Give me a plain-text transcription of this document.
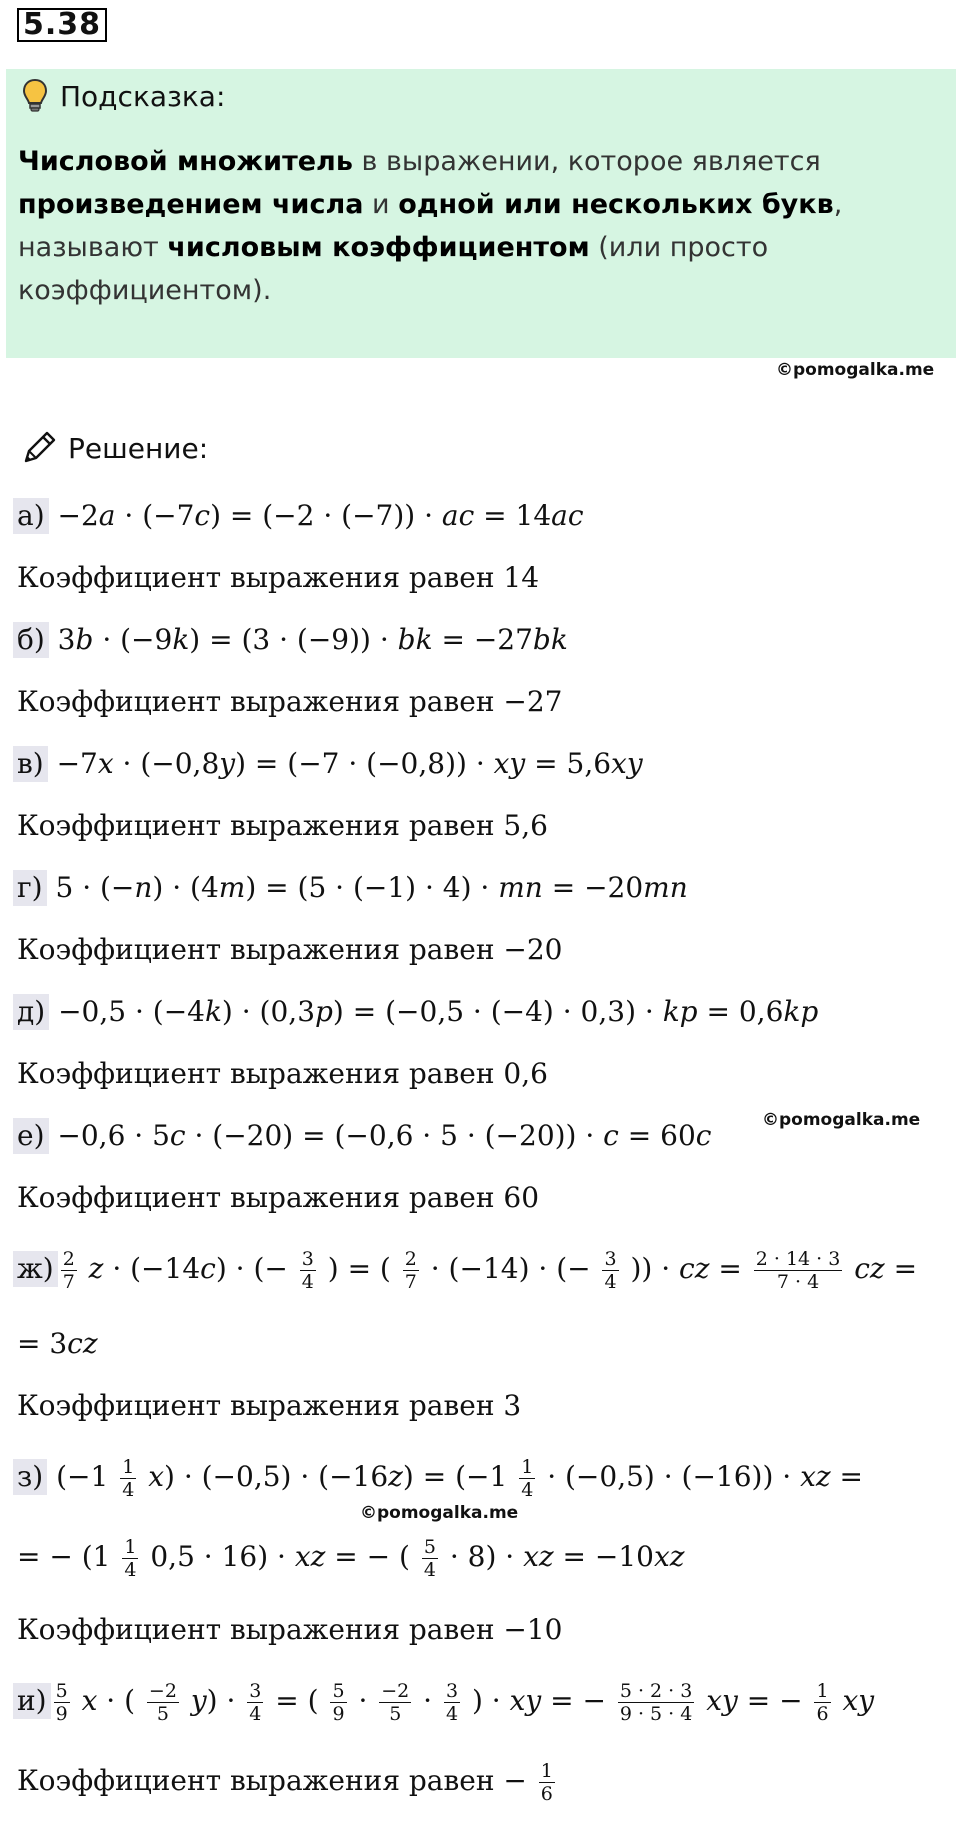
5.38
Подсказка:
Числовой множитель в выражении, которое является произведением числа и одной или нескольких букв, называют числовым коэффициентом (или просто коэффициентом).
©pomogalka.me
Решение:
а) −2𝑎 · (−7𝑐) = (−2 · (−7)) · 𝑎𝑐 = 14𝑎𝑐
Коэффициент выражения равен 14
б) 3𝑏 · (−9𝑘) = (3 · (−9)) · 𝑏𝑘 = −27𝑏𝑘
Коэффициент выражения равен −27
в) −7𝑥 · (−0,8𝑦) = (−7 · (−0,8)) · 𝑥𝑦 = 5,6𝑥𝑦
Коэффициент выражения равен 5,6
г) 5 · (−𝑛) · (4𝑚) = (5 · (−1) · 4) · 𝑚𝑛 = −20𝑚𝑛
Коэффициент выражения равен −20
д) −0,5 · (−4𝑘) · (0,3𝑝) = (−0,5 · (−4) · 0,3) · 𝑘𝑝 = 0,6𝑘𝑝
Коэффициент выражения равен 0,6
е) −0,6 · 5𝑐 · (−20) = (−0,6 · 5 · (−20)) · 𝑐 = 60𝑐	©pomogalka.me
Коэффициент выражения равен 60
$ж) \frac{2}{7}$ 𝑧 · (−14𝑐) · (− $\frac{3}{4}$ ) = ( $\frac{2}{7} \cdot (-14)$ · (− $\frac{3}{4}$ )) · 𝑐𝑧 = $\frac{2 \cdot 14 \cdot 3}{7 \cdot 4}$ 𝑐𝑧 =
= 3𝑐𝑧
Коэффициент выражения равен 3
з) ($-1 \frac{1}{4}$ 𝑥) · (−0,5) · (−16𝑧) = $(-1 \frac{1}{4} \cdot (-0,5) \cdot (-16))$ · 𝑥𝑧 =
©pomogalka.me
= − $(1 \frac{1}{4} 0,5 \cdot 16)$ · 𝑥𝑧 = − ( $\frac{5}{4} \cdot 8$) · 𝑥𝑧 = −10𝑥𝑧
Коэффициент выражения равен −10
$и) \frac{5}{9}$ 𝑥 · ( $\frac{-2}{5}$ 𝑦) · $\frac{3}{4}$ = ( $\frac{5}{9} \cdot \frac{-2}{5} \cdot \frac{3}{4}$ ) · 𝑥𝑦 = − $\frac{5 \cdot 2 \cdot 3}{9 \cdot 5 \cdot 4}$ 𝑥𝑦 = − $\frac{1}{6}$ 𝑥𝑦
Коэффициент выражения равен − $\frac{1}{6}$
